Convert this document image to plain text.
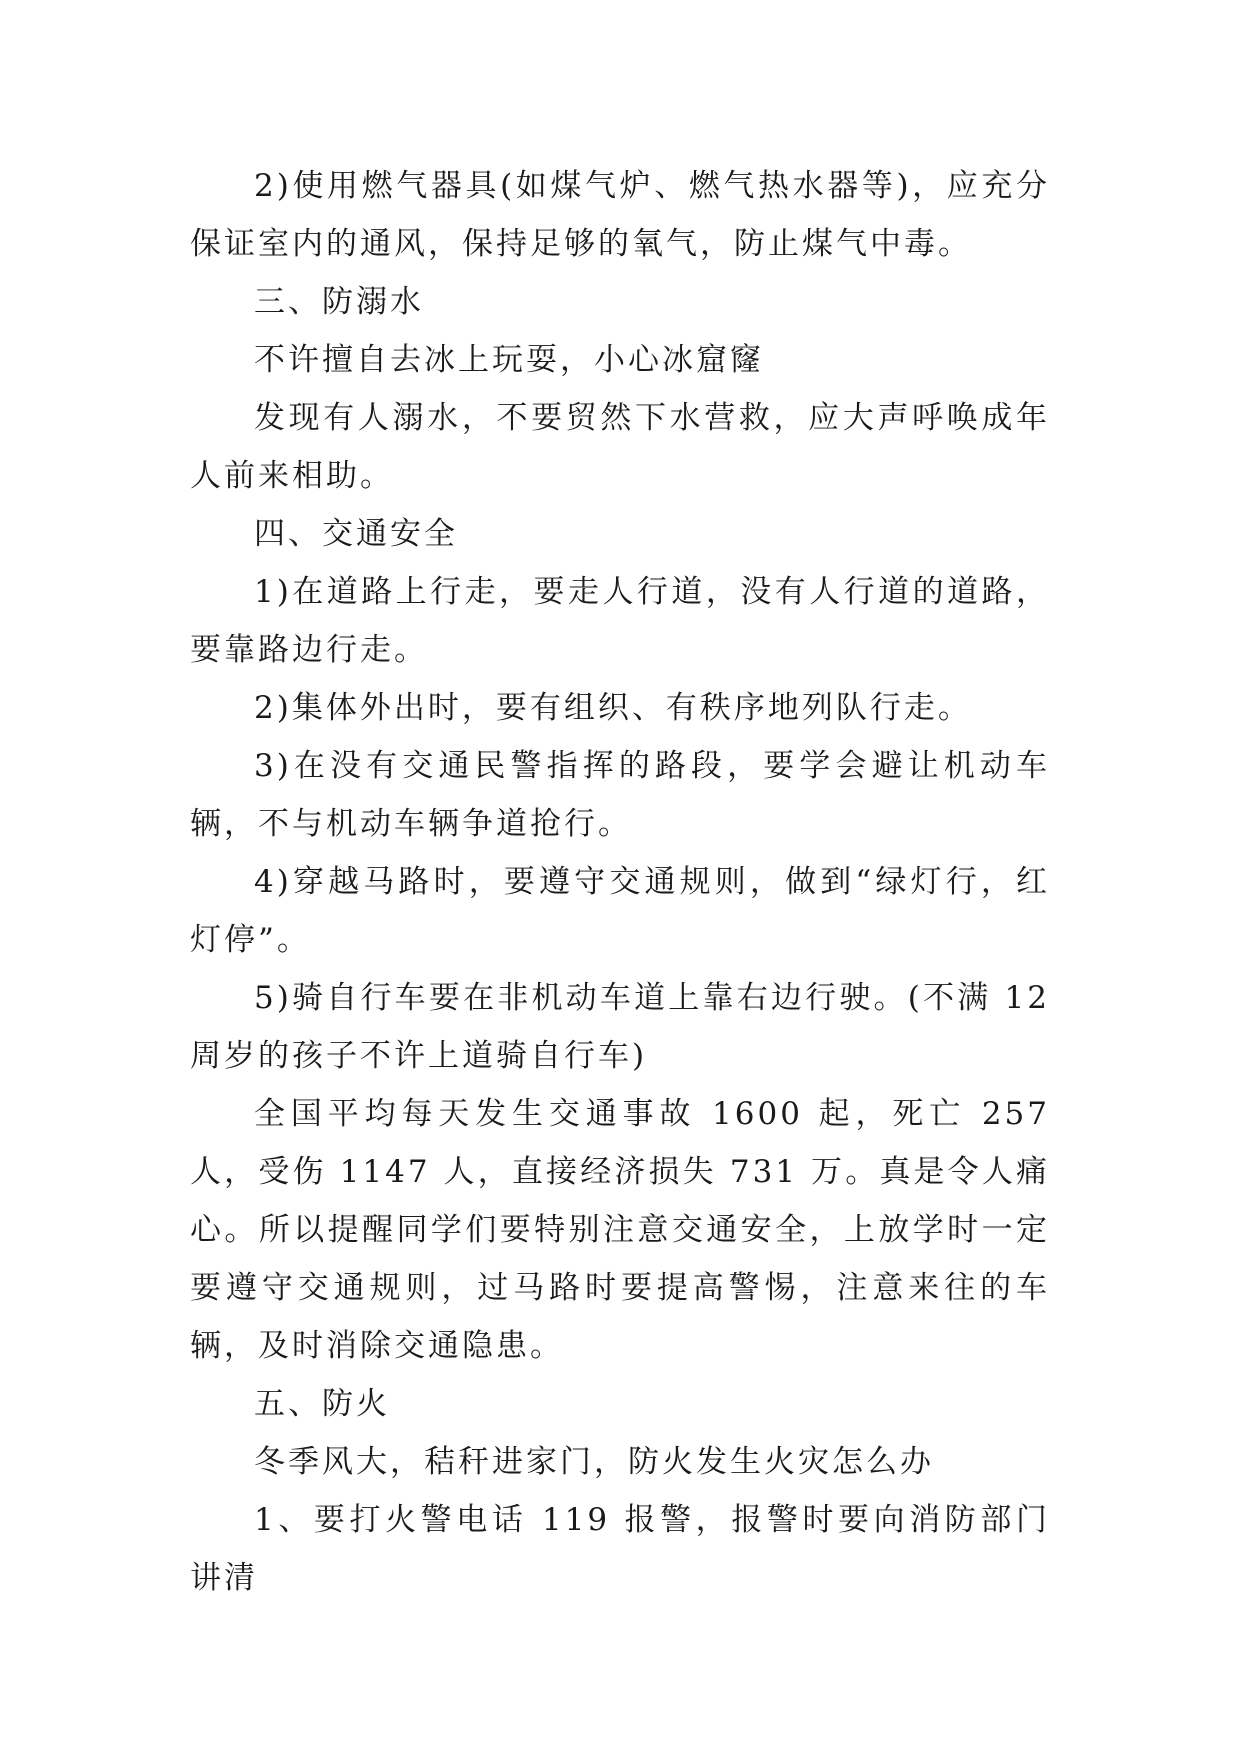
2)使用燃气器具(如煤气炉、燃气热水器等)，应充分保证室内的通风，保持足够的氧气，防止煤气中毒。

三、防溺水

不许擅自去冰上玩耍，小心冰窟窿

发现有人溺水，不要贸然下水营救，应大声呼唤成年人前来相助。

四、交通安全

1)在道路上行走，要走人行道，没有人行道的道路，要靠路边行走。

2)集体外出时，要有组织、有秩序地列队行走。

3)在没有交通民警指挥的路段，要学会避让机动车辆，不与机动车辆争道抢行。

4)穿越马路时，要遵守交通规则，做到“绿灯行，红灯停”。

5)骑自行车要在非机动车道上靠右边行驶。(不满 12 周岁的孩子不许上道骑自行车)

全国平均每天发生交通事故 1600 起，死亡 257 人，受伤 1147 人，直接经济损失 731 万。真是令人痛心。所以提醒同学们要特别注意交通安全，上放学时一定要遵守交通规则，过马路时要提高警惕，注意来往的车辆，及时消除交通隐患。

五、防火

冬季风大，秸秆进家门，防火发生火灾怎么办

1、要打火警电话 119 报警，报警时要向消防部门讲清
